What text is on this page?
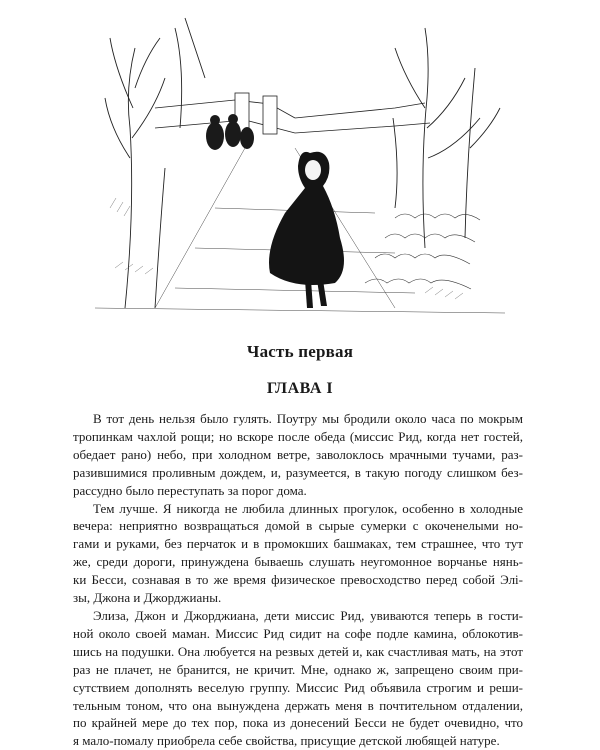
Часть первая
ГЛАВА I

В тот день нельзя было гулять. Поутру мы бродили около часа по мокрым
тропинкам чахлой рощи; но вскоре после обеда (миссис Рид, когда нет гостей,
обедает рано) небо, при холодном ветре, заволоклось мрачными тучами, раз-
разившимися проливным дождем, и, разумеется, в такую погоду слишком без-
рассудно было переступать за порог дома.

Тем лучше. Я никогда не любила длинных прогулок, особенно в холодные
вечера: неприятно возвращаться домой в сырые сумерки с окоченелыми но-
гами и руками, без перчаток и в промокших башмаках, тем страшнее, что тут
же, среди дороги, принуждена бываешь слушать неугомонное ворчанье нянь-
ки Бесси, сознавая в то же время физическое превосходство перед собой Элі-
зы, Джона и Джорджианы.

Элиза, Джон и Джорджиана, дети миссис Рид, увиваются теперь в гости-
ной около своей маман. Миссис Рид сидит на софе подле камина, облокотив-
шись на подушки. Она любуется на резвых детей и, как счастливая мать, на этот
раз не плачет, не бранится, не кричит. Мне, однако ж, запрещено своим при-
сутствием дополнять веселую группу. Миссис Рид объявила строгим и реши-
тельным тоном, что она вынуждена держать меня в почтительном отдалении,
по крайней мере до тех пор, пока из донесений Бесси не будет очевидно, что
я мало-помалу приобрела себе свойства, присущие детской любящей натуре.
